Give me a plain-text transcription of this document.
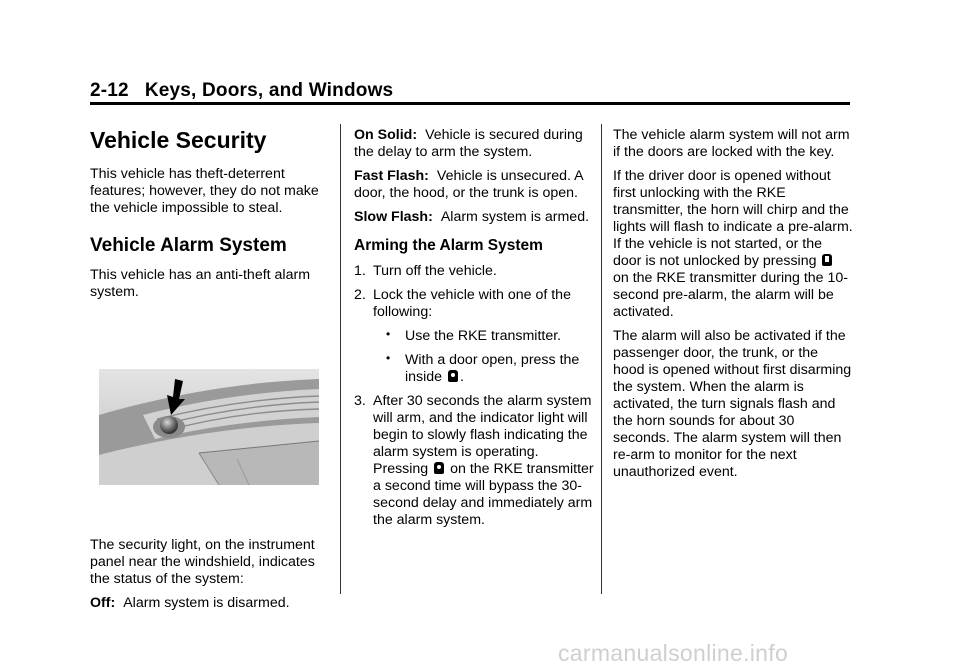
2-12 Keys, Doors, and Windows
Vehicle Security

This vehicle has theft-deterrent features; however, they do not make the vehicle impossible to steal.

Vehicle Alarm System

This vehicle has an anti-theft alarm system.

The security light, on the instrument panel near the windshield, indicates the status of the system:

Off: Alarm system is disarmed.

On Solid: Vehicle is secured during the delay to arm the system.

Fast Flash: Vehicle is unsecured. A door, the hood, or the trunk is open.

Slow Flash: Alarm system is armed.

Arming the Alarm System
1. Turn off the vehicle.
2. Lock the vehicle with one of the following:
• Use the RKE transmitter.
• With a door open, press the inside .
3. After 30 seconds the alarm system will arm, and the indicator light will begin to slowly flash indicating the alarm system is operating. Pressing on the RKE transmitter a second time will bypass the 30-second delay and immediately arm the alarm system.

The vehicle alarm system will not arm if the doors are locked with the key.

If the driver door is opened without first unlocking with the RKE transmitter, the horn will chirp and the lights will flash to indicate a pre-alarm. If the vehicle is not started, or the door is not unlocked by pressing  on the RKE transmitter during the 10-second pre-alarm, the alarm will be activated.

The alarm will also be activated if the passenger door, the trunk, or the hood is opened without first disarming the system. When the alarm is activated, the turn signals flash and the horn sounds for about 30 seconds. The alarm system will then re-arm to monitor for the next unauthorized event.

carmanualsonline.info
